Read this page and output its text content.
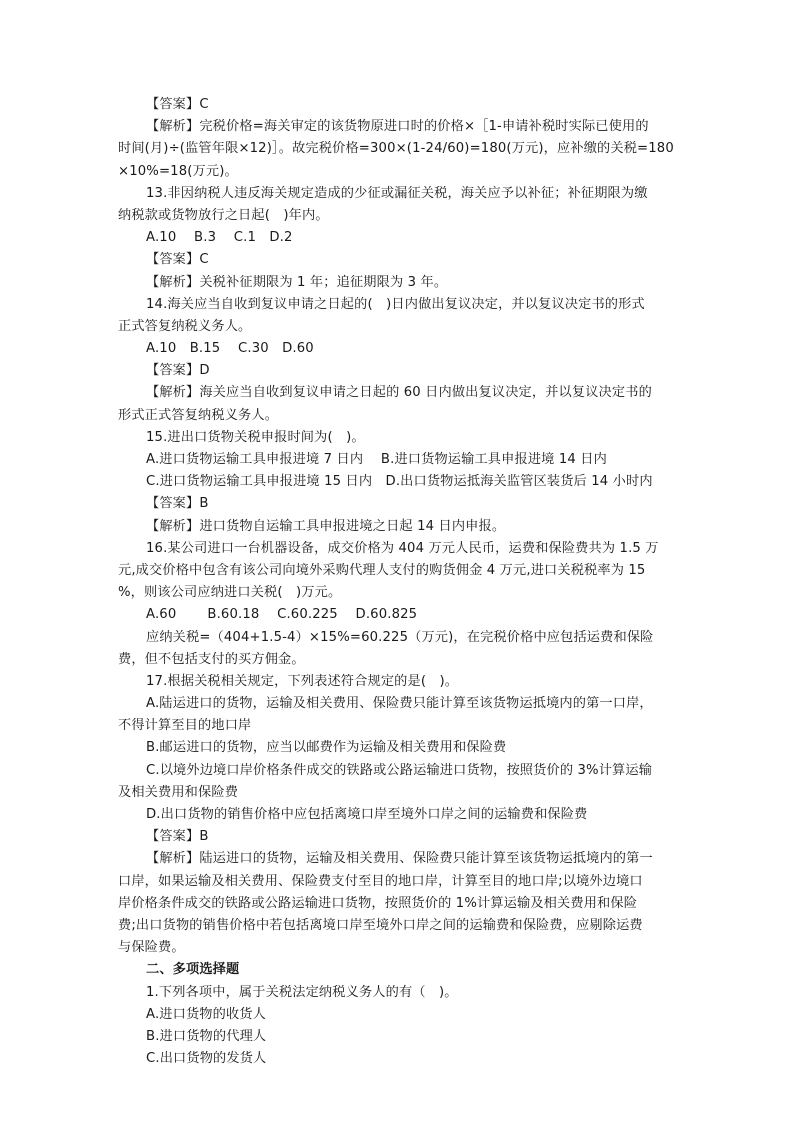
【答案】C
【解析】完税价格=海关审定的该货物原进口时的价格×［1-申请补税时实际已使用的
时间(月)÷(监管年限×12)］。故完税价格=300×(1-24/60)=180(万元)，应补缴的关税=180
×10%=18(万元)。
13.非因纳税人违反海关规定造成的少征或漏征关税，海关应予以补征；补征期限为缴
纳税款或货物放行之日起(　)年内。
A.10　 B.3　 C.1　D.2
【答案】C
【解析】关税补征期限为 1 年；追征期限为 3 年。
14.海关应当自收到复议申请之日起的(　)日内做出复议决定，并以复议决定书的形式
正式答复纳税义务人。
A.10　B.15　 C.30　D.60
【答案】D
【解析】海关应当自收到复议申请之日起的 60 日内做出复议决定，并以复议决定书的
形式正式答复纳税义务人。
15.进出口货物关税申报时间为(　)。
A.进口货物运输工具申报进境 7 日内　 B.进口货物运输工具申报进境 14 日内
C.进口货物运输工具申报进境 15 日内　D.出口货物运抵海关监管区装货后 14 小时内
【答案】B
【解析】进口货物自运输工具申报进境之日起 14 日内申报。
16.某公司进口一台机器设备，成交价格为 404 万元人民币，运费和保险费共为 1.5 万
元,成交价格中包含有该公司向境外采购代理人支付的购货佣金 4 万元,进口关税税率为 15
%，则该公司应纳进口关税(　)万元。
A.60　　 B.60.18　 C.60.225　 D.60.825
应纳关税=（404+1.5-4）×15%=60.225（万元)，在完税价格中应包括运费和保险
费，但不包括支付的买方佣金。
17.根据关税相关规定，下列表述符合规定的是(　)。
A.陆运进口的货物，运输及相关费用、保险费只能计算至该货物运抵境内的第一口岸，
不得计算至目的地口岸
B.邮运进口的货物，应当以邮费作为运输及相关费用和保险费
C.以境外边境口岸价格条件成交的铁路或公路运输进口货物，按照货价的 3%计算运输
及相关费用和保险费
D.出口货物的销售价格中应包括离境口岸至境外口岸之间的运输费和保险费
【答案】B
【解析】陆运进口的货物，运输及相关费用、保险费只能计算至该货物运抵境内的第一
口岸，如果运输及相关费用、保险费支付至目的地口岸，计算至目的地口岸;以境外边境口
岸价格条件成交的铁路或公路运输进口货物，按照货价的 1%计算运输及相关费用和保险
费;出口货物的销售价格中若包括离境口岸至境外口岸之间的运输费和保险费，应剔除运费
与保险费。
二、多项选择题
1.下列各项中，属于关税法定纳税义务人的有（　)。
A.进口货物的收货人
B.进口货物的代理人
C.出口货物的发货人
